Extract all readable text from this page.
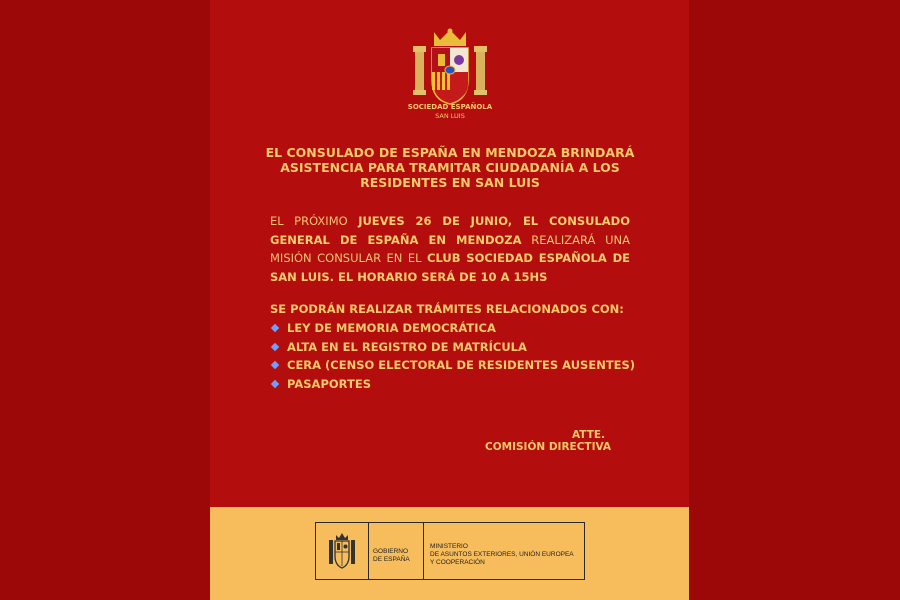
SOCIEDAD ESPAÑOLA
SAN LUIS
EL CONSULADO DE ESPAÑA EN MENDOZA BRINDARÁ
ASISTENCIA PARA TRAMITAR CIUDADANÍA A LOS
RESIDENTES EN SAN LUIS
EL PRÓXIMO JUEVES 26 DE JUNIO, EL CONSULADO GENERAL DE ESPAÑA EN MENDOZA REALIZARÁ UNA MISIÓN CONSULAR EN EL CLUB SOCIEDAD ESPAÑOLA DE SAN LUIS. EL HORARIO SERÁ DE 10 A 15HS
SE PODRÁN REALIZAR TRÁMITES RELACIONADOS CON:
LEY DE MEMORIA DEMOCRÁTICA
ALTA EN EL REGISTRO DE MATRÍCULA
CERA (CENSO ELECTORAL DE RESIDENTES AUSENTES)
PASAPORTES
ATTE.
COMISIÓN DIRECTIVA
GOBIERNO
DE ESPAÑA
MINISTERIO
DE ASUNTOS EXTERIORES, UNIÓN EUROPEA
Y COOPERACIÓN
